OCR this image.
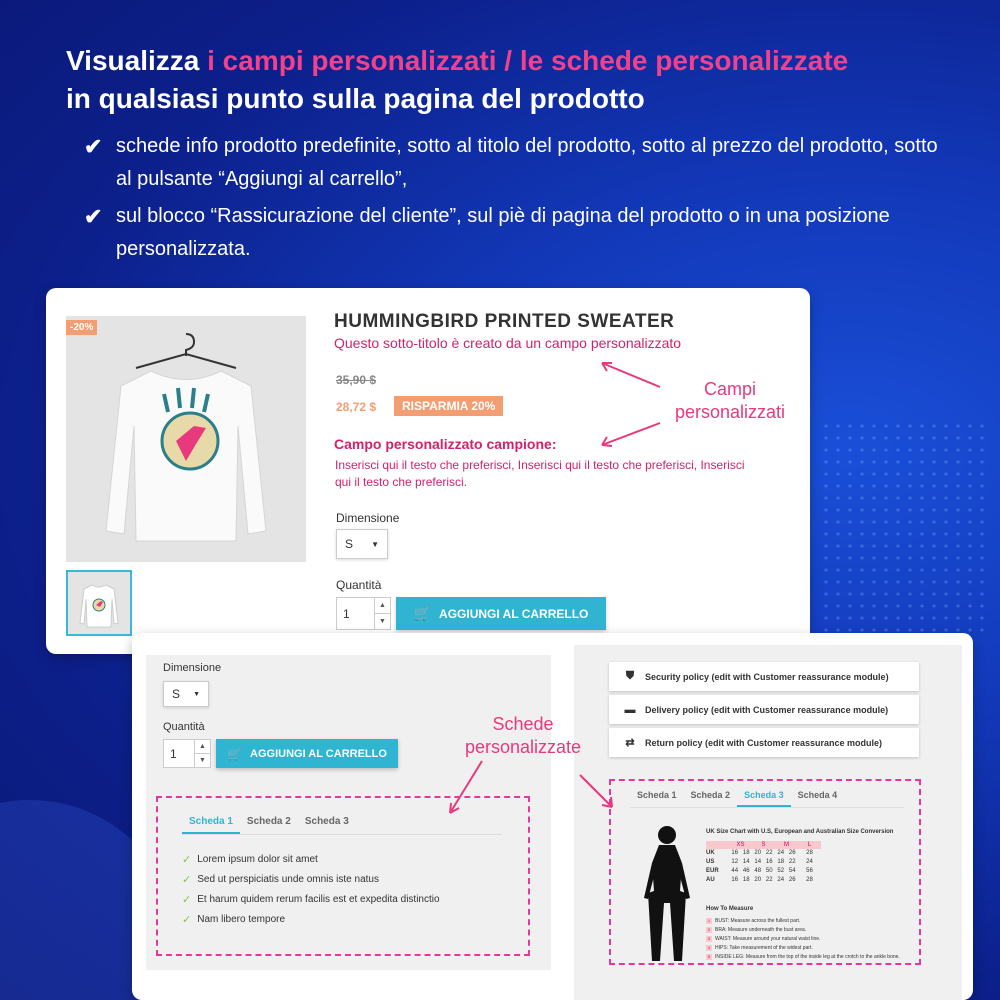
Visualizza i campi personalizzati / le schede personalizzate
in qualsiasi punto sulla pagina del prodotto
✔ schede info prodotto predefinite, sotto al titolo del prodotto, sotto al prezzo del prodotto, sotto al pulsante “Aggiungi al carrello”,
✔ sul blocco “Rassicurazione del cliente”, sul piè di pagina del prodotto o in una posizione personalizzata.
-20%	HUMMINGBIRD PRINTED SWEATER
Questo sotto-titolo è creato da un campo personalizzato
35,90 $
28,72 $	RISPARMIA 20%
Campo personalizzato campione:
Inserisci qui il testo che preferisci, Inserisci qui il testo che preferisci, Inserisci qui il testo che preferisci.
Dimensione
S ▼
Quantità
1
▲
▼
🛒 AGGIUNGI AL CARRELLO
Campi personalizzati
Dimensione
S ▼
Quantità
1	▲
▼	🛒 AGGIUNGI AL CARRELLO
Scheda 1	Scheda 2	Scheda 3
✓ Lorem ipsum dolor sit amet
✓ Sed ut perspiciatis unde omnis iste natus
✓ Et harum quidem rerum facilis est et expedita distinctio
✓ Nam libero tempore
⛊	Security policy (edit with Customer reassurance module)
▬ Delivery policy (edit with Customer reassurance module)
⇄ Return policy (edit with Customer reassurance module)
Scheda 1	Scheda 2	Scheda 3	Scheda 4
UK Size Chart with U.S, European and Australian Size Conversion
	XS		S		M		L
UK	16	18	20	22	24	26	28
US	12	14	14	16	18	22	24
EUR	44	46	48	50	52	54	56
AU	16	18	20	22	24	26	28
How To Measure
1 BUST: Measure across the fullest part.
2 BRA: Measure underneath the bust area.
3 WAIST: Measure around your natural waist line.
4 HIPS: Take measurement of the widest part.
5 INSIDE LEG: Measure from the top of the inside leg at the crotch to the ankle bone.
Schede personalizzate
